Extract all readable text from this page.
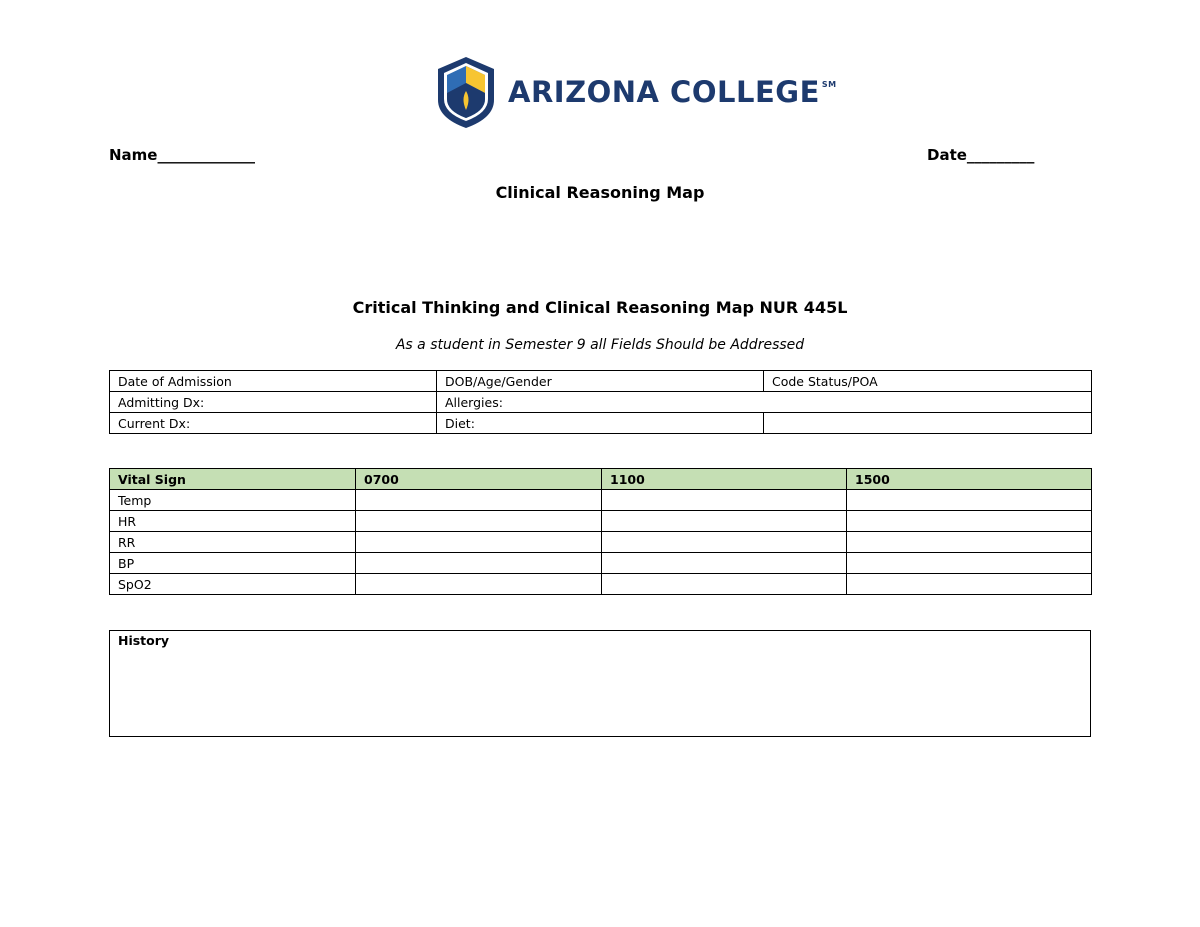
ARIZONA COLLEGE ℠
Name_____________	Date_________
Clinical Reasoning Map
Critical Thinking and Clinical Reasoning Map NUR 445L
As a student in Semester 9 all Fields Should be Addressed
Date of Admission	DOB/Age/Gender	Code Status/POA
Admitting Dx:	Allergies:	
Current Dx:	Diet:	
Vital Sign	0700	1100	1500
Temp			
HR			
RR			
BP			
SpO2			
History
